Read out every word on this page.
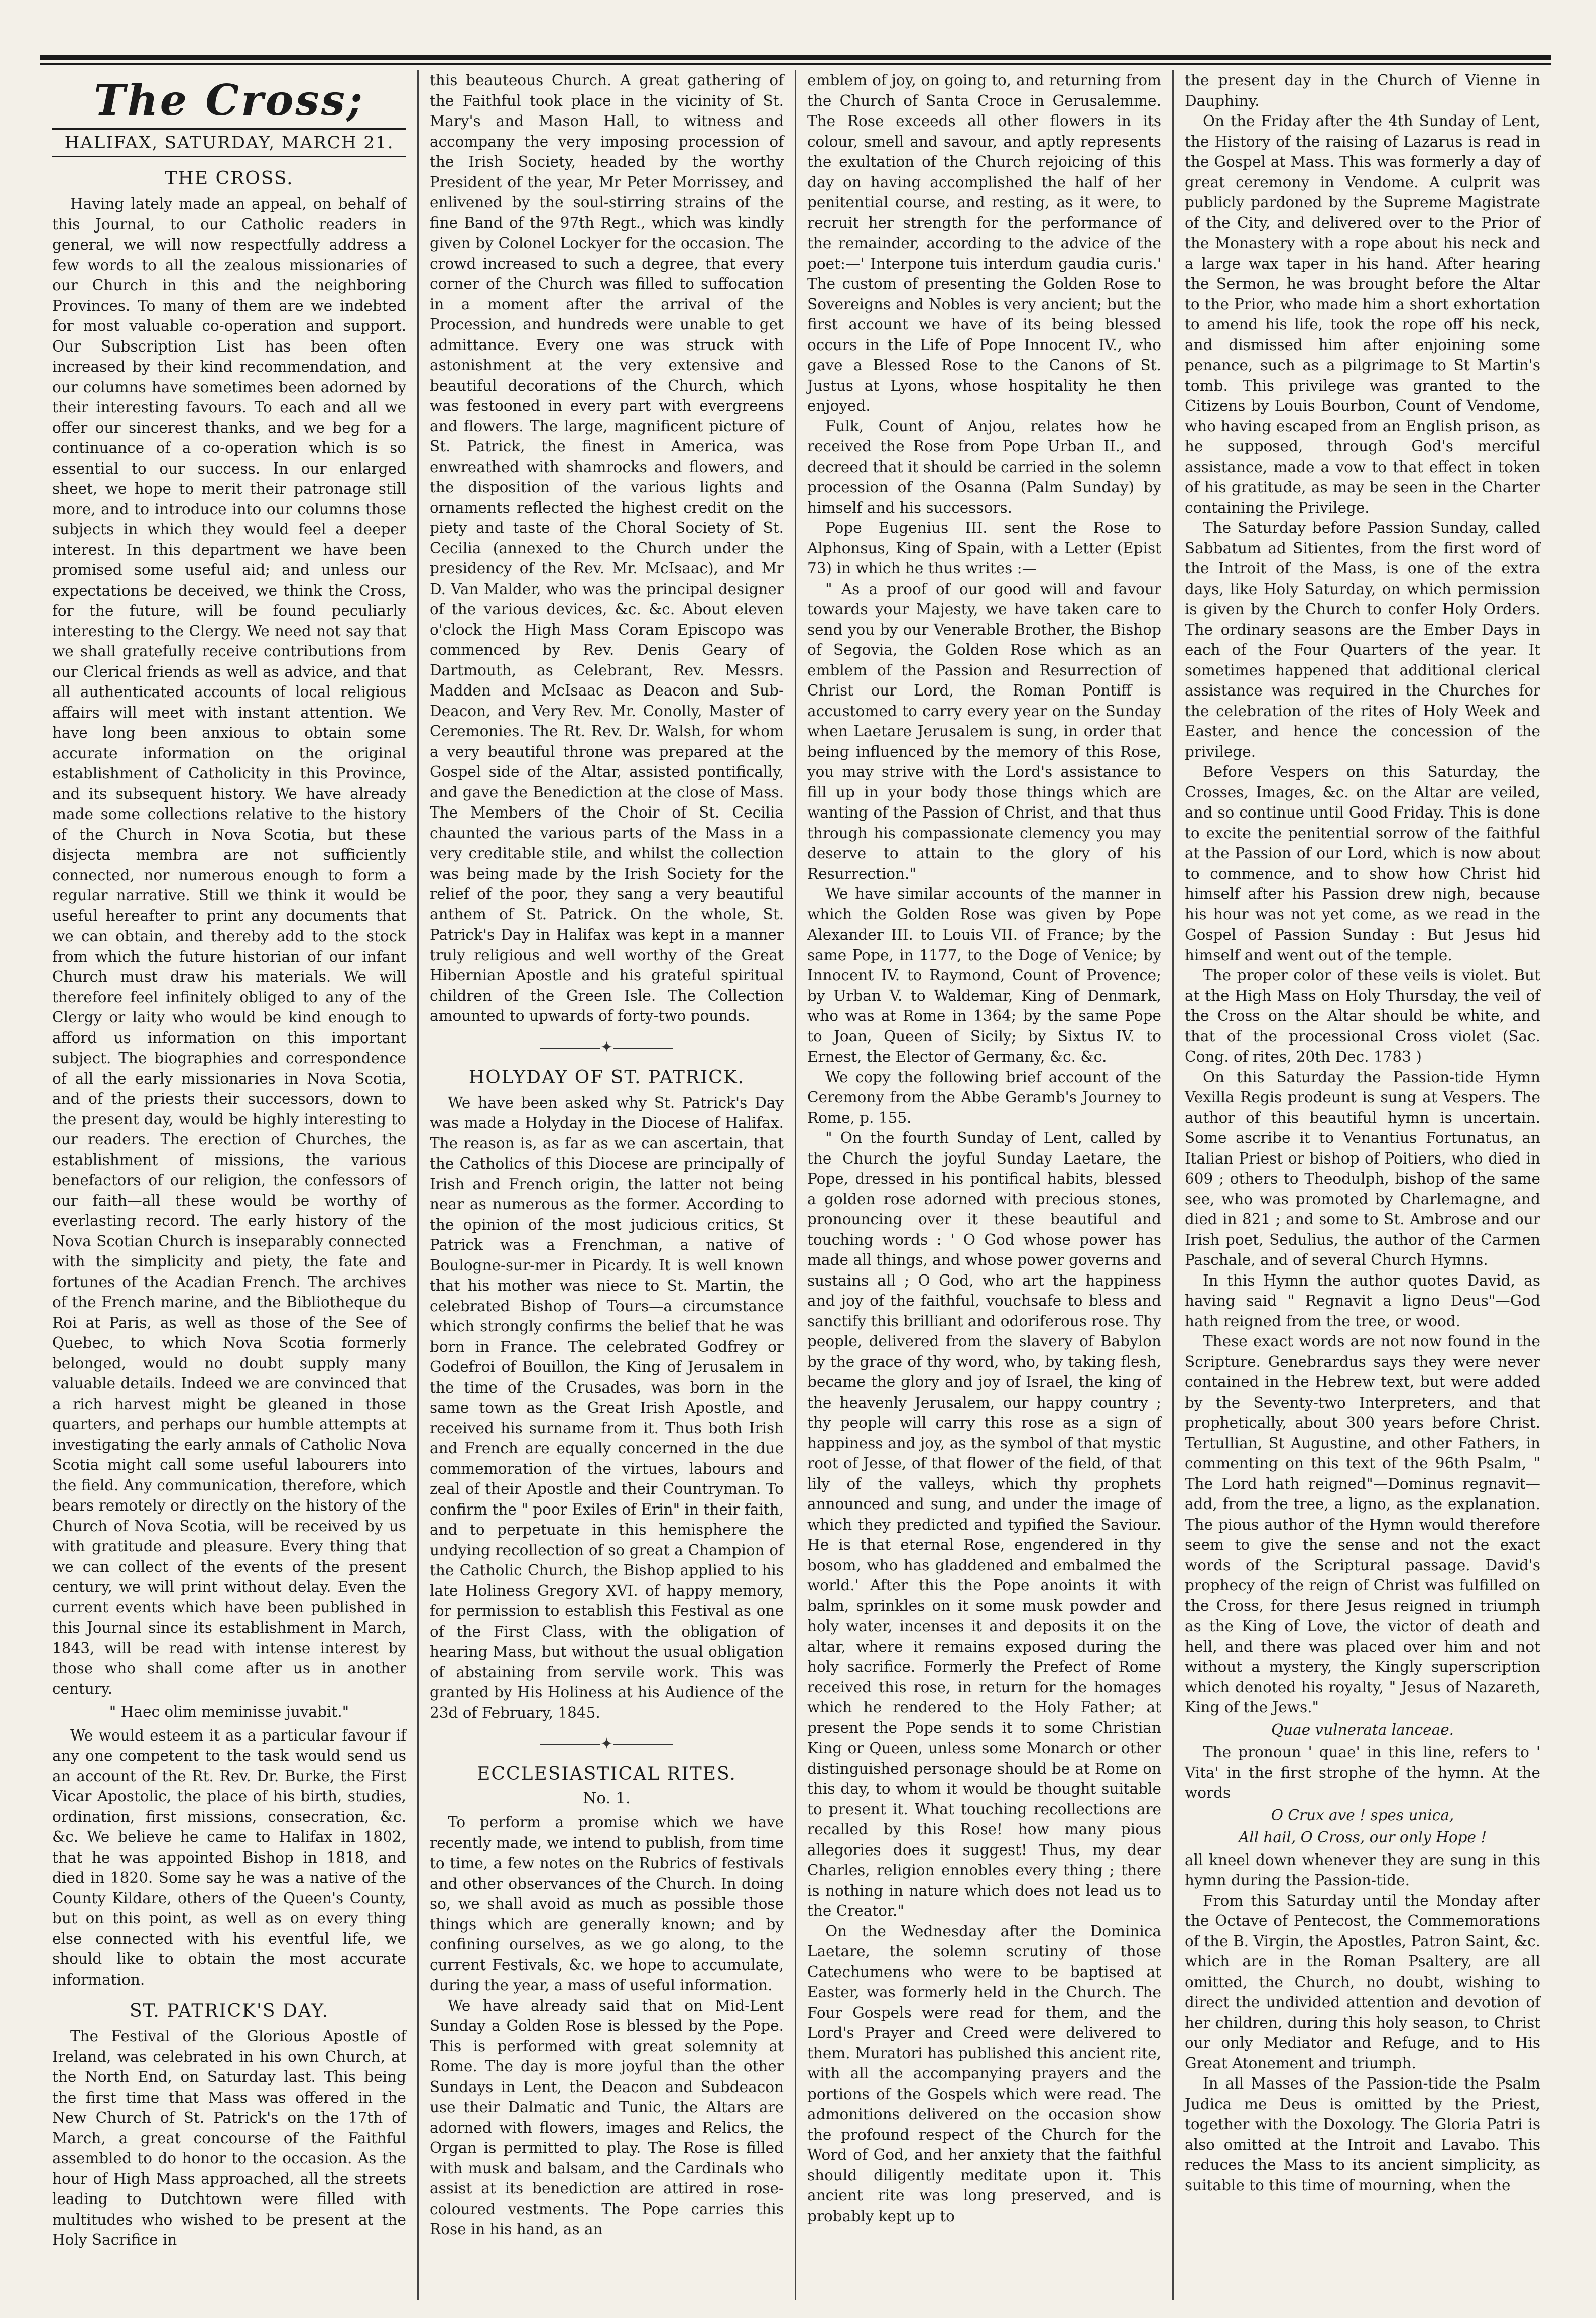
The Cross;
HALIFAX, SATURDAY, MARCH 21.
THE CROSS.

Having lately made an appeal, on behalf of this Journal, to our Catholic readers in general, we will now respectfully address a few words to all the zealous missionaries of our Church in this and the neighboring Provinces. To many of them are we indebted for most valuable co-operation and support. Our Subscription List has been often increased by their kind recommendation, and our columns have sometimes been adorned by their interesting favours. To each and all we offer our sincerest thanks, and we beg for a continuance of a co-operation which is so essential to our success. In our enlarged sheet, we hope to merit their patronage still more, and to introduce into our columns those subjects in which they would feel a deeper interest. In this department we have been promised some useful aid; and unless our expectations be deceived, we think the Cross, for the future, will be found peculiarly interesting to the Clergy. We need not say that we shall gratefully receive contributions from our Clerical friends as well as advice, and that all authenticated accounts of local religious affairs will meet with instant attention. We have long been anxious to obtain some accurate information on the original establishment of Catholicity in this Province, and its subsequent history. We have already made some collections relative to the history of the Church in Nova Scotia, but these disjecta membra are not sufficiently connected, nor numerous enough to form a regular narrative. Still we think it would be useful hereafter to print any documents that we can obtain, and thereby add to the stock from which the future historian of our infant Church must draw his materials. We will therefore feel infinitely obliged to any of the Clergy or laity who would be kind enough to afford us information on this important subject. The biographies and correspondence of all the early missionaries in Nova Scotia, and of the priests their successors, down to the present day, would be highly interesting to our readers. The erection of Churches, the establishment of missions, the various benefactors of our religion, the confessors of our faith—all these would be worthy of everlasting record. The early history of the Nova Scotian Church is inseparably connected with the simplicity and piety, the fate and fortunes of the Acadian French. The archives of the French marine, and the Bibliotheque du Roi at Paris, as well as those of the See of Quebec, to which Nova Scotia formerly belonged, would no doubt supply many valuable details. Indeed we are convinced that a rich harvest might be gleaned in those quarters, and perhaps our humble attempts at investigating the early annals of Catholic Nova Scotia might call some useful labourers into the field. Any communication, therefore, which bears remotely or directly on the history of the Church of Nova Scotia, will be received by us with gratitude and pleasure. Every thing that we can collect of the events of the present century, we will print without delay. Even the current events which have been published in this Journal since its establishment in March, 1843, will be read with intense interest by those who shall come after us in another century.

" Haec olim meminisse juvabit."

We would esteem it as a particular favour if any one competent to the task would send us an account of the Rt. Rev. Dr. Burke, the First Vicar Apostolic, the place of his birth, studies, ordination, first missions, consecration, &c. &c. We believe he came to Halifax in 1802, that he was appointed Bishop in 1818, and died in 1820. Some say he was a native of the County Kildare, others of the Queen's County, but on this point, as well as on every thing else connected with his eventful life, we should like to obtain the most accurate information.

ST. PATRICK'S DAY.

The Festival of the Glorious Apostle of Ireland, was celebrated in his own Church, at the North End, on Saturday last. This being the first time that Mass was offered in the New Church of St. Patrick's on the 17th of March, a great concourse of the Faithful assembled to do honor to the occasion. As the hour of High Mass approached, all the streets leading to Dutchtown were filled with multitudes who wished to be present at the Holy Sacrifice in

this beauteous Church. A great gathering of the Faithful took place in the vicinity of St. Mary's and Mason Hall, to witness and accompany the very imposing procession of the Irish Society, headed by the worthy President of the year, Mr Peter Morrissey, and enlivened by the soul-stirring strains of the fine Band of the 97th Regt., which was kindly given by Colonel Lockyer for the occasion. The crowd increased to such a degree, that every corner of the Church was filled to suffocation in a moment after the arrival of the Procession, and hundreds were unable to get admittance. Every one was struck with astonishment at the very extensive and beautiful decorations of the Church, which was festooned in every part with evergreens and flowers. The large, magnificent picture of St. Patrick, the finest in America, was enwreathed with shamrocks and flowers, and the disposition of the various lights and ornaments reflected the highest credit on the piety and taste of the Choral Society of St. Cecilia (annexed to the Church under the presidency of the Rev. Mr. McIsaac), and Mr D. Van Malder, who was the principal designer of the various devices, &c. &c. About eleven o'clock the High Mass Coram Episcopo was commenced by Rev. Denis Geary of Dartmouth, as Celebrant, Rev. Messrs. Madden and McIsaac as Deacon and Sub-Deacon, and Very Rev. Mr. Conolly, Master of Ceremonies. The Rt. Rev. Dr. Walsh, for whom a very beautiful throne was prepared at the Gospel side of the Altar, assisted pontifically, and gave the Benediction at the close of Mass. The Members of the Choir of St. Cecilia chaunted the various parts of the Mass in a very creditable stile, and whilst the collection was being made by the Irish Society for the relief of the poor, they sang a very beautiful anthem of St. Patrick. On the whole, St. Patrick's Day in Halifax was kept in a manner truly religious and well worthy of the Great Hibernian Apostle and his grateful spiritual children of the Green Isle. The Collection amounted to upwards of forty-two pounds.

――――✦――――
HOLYDAY OF ST. PATRICK.

We have been asked why St. Patrick's Day was made a Holyday in the Diocese of Halifax. The reason is, as far as we can ascertain, that the Catholics of this Diocese are principally of Irish and French origin, the latter not being near as numerous as the former. According to the opinion of the most judicious critics, St Patrick was a Frenchman, a native of Boulogne-sur-mer in Picardy. It is well known that his mother was niece to St. Martin, the celebrated Bishop of Tours—a circumstance which strongly confirms the belief that he was born in France. The celebrated Godfrey or Godefroi of Bouillon, the King of Jerusalem in the time of the Crusades, was born in the same town as the Great Irish Apostle, and received his surname from it. Thus both Irish and French are equally concerned in the due commemoration of the virtues, labours and zeal of their Apostle and their Countryman. To confirm the " poor Exiles of Erin" in their faith, and to perpetuate in this hemisphere the undying recollection of so great a Champion of the Catholic Church, the Bishop applied to his late Holiness Gregory XVI. of happy memory, for permission to establish this Festival as one of the First Class, with the obligation of hearing Mass, but without the usual obligation of abstaining from servile work. This was granted by His Holiness at his Audience of the 23d of February, 1845.

――――✦――――
ECCLESIASTICAL RITES.
No. 1.

To perform a promise which we have recently made, we intend to publish, from time to time, a few notes on the Rubrics of festivals and other observances of the Church. In doing so, we shall avoid as much as possible those things which are generally known; and by confining ourselves, as we go along, to the current Festivals, &c. we hope to accumulate, during the year, a mass of useful information.

We have already said that on Mid-Lent Sunday a Golden Rose is blessed by the Pope. This is performed with great solemnity at Rome. The day is more joyful than the other Sundays in Lent, the Deacon and Subdeacon use their Dalmatic and Tunic, the Altars are adorned with flowers, images and Relics, the Organ is permitted to play. The Rose is filled with musk and balsam, and the Cardinals who assist at its benediction are attired in rose-coloured vestments. The Pope carries this Rose in his hand, as an

emblem of joy, on going to, and returning from the Church of Santa Croce in Gerusalemme. The Rose exceeds all other flowers in its colour, smell and savour, and aptly represents the exultation of the Church rejoicing of this day on having accomplished the half of her penitential course, and resting, as it were, to recruit her strength for the performance of the remainder, according to the advice of the poet:—' Interpone tuis interdum gaudia curis.' The custom of presenting the Golden Rose to Sovereigns and Nobles is very ancient; but the first account we have of its being blessed occurs in the Life of Pope Innocent IV., who gave a Blessed Rose to the Canons of St. Justus at Lyons, whose hospitality he then enjoyed.

Fulk, Count of Anjou, relates how he received the Rose from Pope Urban II., and decreed that it should be carried in the solemn procession of the Osanna (Palm Sunday) by himself and his successors.

Pope Eugenius III. sent the Rose to Alphonsus, King of Spain, with a Letter (Epist 73) in which he thus writes :—

" As a proof of our good will and favour towards your Majesty, we have taken care to send you by our Venerable Brother, the Bishop of Segovia, the Golden Rose which as an emblem of the Passion and Resurrection of Christ our Lord, the Roman Pontiff is accustomed to carry every year on the Sunday when Laetare Jerusalem is sung, in order that being influenced by the memory of this Rose, you may strive with the Lord's assistance to fill up in your body those things which are wanting of the Passion of Christ, and that thus through his compassionate clemency you may deserve to attain to the glory of his Resurrection."

We have similar accounts of the manner in which the Golden Rose was given by Pope Alexander III. to Louis VII. of France; by the same Pope, in 1177, to the Doge of Venice; by Innocent IV. to Raymond, Count of Provence; by Urban V. to Waldemar, King of Denmark, who was at Rome in 1364; by the same Pope to Joan, Queen of Sicily; by Sixtus IV. to Ernest, the Elector of Germany, &c. &c.

We copy the following brief account of the Ceremony from the Abbe Geramb's Journey to Rome, p. 155.

" On the fourth Sunday of Lent, called by the Church the joyful Sunday Laetare, the Pope, dressed in his pontifical habits, blessed a golden rose adorned with precious stones, pronouncing over it these beautiful and touching words : ' O God whose power has made all things, and whose power governs and sustains all ; O God, who art the happiness and joy of the faithful, vouchsafe to bless and sanctify this brilliant and odoriferous rose. Thy people, delivered from the slavery of Babylon by the grace of thy word, who, by taking flesh, became the glory and joy of Israel, the king of the heavenly Jerusalem, our happy country ; thy people will carry this rose as a sign of happiness and joy, as the symbol of that mystic root of Jesse, of that flower of the field, of that lily of the valleys, which thy prophets announced and sung, and under the image of which they predicted and typified the Saviour. He is that eternal Rose, engendered in thy bosom, who has gladdened and embalmed the world.' After this the Pope anoints it with balm, sprinkles on it some musk powder and holy water, incenses it and deposits it on the altar, where it remains exposed during the holy sacrifice. Formerly the Prefect of Rome received this rose, in return for the homages which he rendered to the Holy Father; at present the Pope sends it to some Christian King or Queen, unless some Monarch or other distinguished personage should be at Rome on this day, to whom it would be thought suitable to present it. What touching recollections are recalled by this Rose! how many pious allegories does it suggest! Thus, my dear Charles, religion ennobles every thing ; there is nothing in nature which does not lead us to the Creator."

On the Wednesday after the Dominica Laetare, the solemn scrutiny of those Catechumens who were to be baptised at Easter, was formerly held in the Church. The Four Gospels were read for them, and the Lord's Prayer and Creed were delivered to them. Muratori has published this ancient rite, with all the accompanying prayers and the portions of the Gospels which were read. The admonitions delivered on the occasion show the profound respect of the Church for the Word of God, and her anxiety that the faithful should diligently meditate upon it. This ancient rite was long preserved, and is probably kept up to

the present day in the Church of Vienne in Dauphiny.

On the Friday after the 4th Sunday of Lent, the History of the raising of Lazarus is read in the Gospel at Mass. This was formerly a day of great ceremony in Vendome. A culprit was publicly pardoned by the Supreme Magistrate of the City, and delivered over to the Prior of the Monastery with a rope about his neck and a large wax taper in his hand. After hearing the Sermon, he was brought before the Altar to the Prior, who made him a short exhortation to amend his life, took the rope off his neck, and dismissed him after enjoining some penance, such as a pilgrimage to St Martin's tomb. This privilege was granted to the Citizens by Louis Bourbon, Count of Vendome, who having escaped from an English prison, as he supposed, through God's merciful assistance, made a vow to that effect in token of his gratitude, as may be seen in the Charter containing the Privilege.

The Saturday before Passion Sunday, called Sabbatum ad Sitientes, from the first word of the Introit of the Mass, is one of the extra days, like Holy Saturday, on which permission is given by the Church to confer Holy Orders. The ordinary seasons are the Ember Days in each of the Four Quarters of the year. It sometimes happened that additional clerical assistance was required in the Churches for the celebration of the rites of Holy Week and Easter, and hence the concession of the privilege.

Before Vespers on this Saturday, the Crosses, Images, &c. on the Altar are veiled, and so continue until Good Friday. This is done to excite the penitential sorrow of the faithful at the Passion of our Lord, which is now about to commence, and to show how Christ hid himself after his Passion drew nigh, because his hour was not yet come, as we read in the Gospel of Passion Sunday : But Jesus hid himself and went out of the temple.

The proper color of these veils is violet. But at the High Mass on Holy Thursday, the veil of the Cross on the Altar should be white, and that of the processional Cross violet (Sac. Cong. of rites, 20th Dec. 1783 )

On this Saturday the Passion-tide Hymn Vexilla Regis prodeunt is sung at Vespers. The author of this beautiful hymn is uncertain. Some ascribe it to Venantius Fortunatus, an Italian Priest or bishop of Poitiers, who died in 609 ; others to Theodulph, bishop of the same see, who was promoted by Charlemagne, and died in 821 ; and some to St. Ambrose and our Irish poet, Sedulius, the author of the Carmen Paschale, and of several Church Hymns.

In this Hymn the author quotes David, as having said " Regnavit a ligno Deus"—God hath reigned from the tree, or wood.

These exact words are not now found in the Scripture. Genebrardus says they were never contained in the Hebrew text, but were added by the Seventy-two Interpreters, and that prophetically, about 300 years before Christ. Tertullian, St Augustine, and other Fathers, in commenting on this text of the 96th Psalm, " The Lord hath reigned"—Dominus regnavit—add, from the tree, a ligno, as the explanation. The pious author of the Hymn would therefore seem to give the sense and not the exact words of the Scriptural passage. David's prophecy of the reign of Christ was fulfilled on the Cross, for there Jesus reigned in triumph as the King of Love, the victor of death and hell, and there was placed over him and not without a mystery, the Kingly superscription which denoted his royalty, " Jesus of Nazareth, King of the Jews."

Quae vulnerata lanceae.

The pronoun ' quae' in this line, refers to ' Vita' in the first strophe of the hymn. At the words

O Crux ave ! spes unica,
All hail, O Cross, our only Hope !

all kneel down whenever they are sung in this hymn during the Passion-tide.

From this Saturday until the Monday after the Octave of Pentecost, the Commemorations of the B. Virgin, the Apostles, Patron Saint, &c. which are in the Roman Psaltery, are all omitted, the Church, no doubt, wishing to direct the undivided attention and devotion of her children, during this holy season, to Christ our only Mediator and Refuge, and to His Great Atonement and triumph.

In all Masses of the Passion-tide the Psalm Judica me Deus is omitted by the Priest, together with the Doxology. The Gloria Patri is also omitted at the Introit and Lavabo. This reduces the Mass to its ancient simplicity, as suitable to this time of mourning, when the
